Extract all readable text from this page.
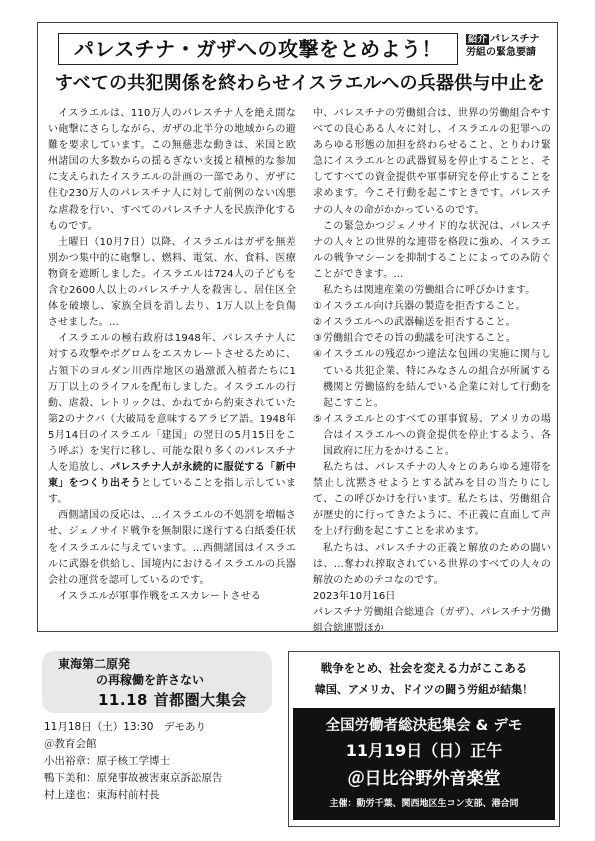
パレスチナ・ガザへの攻撃をとめよう！	紹介 パレスチナ
労組の緊急要請
すべての共犯関係を終わらせイスラエルへの兵器供与中止を

イスラエルは、110万人のパレスチナ人を絶え間ない砲撃にさらしながら、ガザの北半分の地域からの避難を要求しています。この無慈悲な動きは、米国と欧州諸国の大多数からの揺るぎない支援と積極的な参加に支えられたイスラエルの計画の一部であり、ガザに住む230万人のパレスチナ人に対して前例のない凶悪な虐殺を行い、すべてのパレスチナ人を民族浄化するものです。

土曜日（10月7日）以降、イスラエルはガザを無差別かつ集中的に砲撃し、燃料、電気、水、食料、医療物資を遮断しました。イスラエルは724人の子どもを含む2600人以上のパレスチナ人を殺害し、居住区全体を破壊し、家族全員を消し去り、1万人以上を負傷させました。…

イスラエルの極右政府は1948年、パレスチナ人に対する攻撃やポグロムをエスカレートさせるために、占領下のヨルダン川西岸地区の過激派入植者たちに1万丁以上のライフルを配布しました。イスラエルの行動、虐殺、レトリックは、かねてから約束されていた第2のナクバ（大破局を意味するアラビア語。1948年5月14日のイスラエル「建国」の翌日の5月15日をこう呼ぶ）を実行に移し、可能な限り多くのパレスチナ人を追放し、パレスチナ人が永続的に服従する「新中東」をつくり出そうとしていることを指し示しています。

西側諸国の反応は、…イスラエルの不処罰を増幅させ、ジェノサイド戦争を無制限に遂行する白紙委任状をイスラエルに与えています。…西側諸国はイスラエルに武器を供給し、国境内におけるイスラエルの兵器会社の運営を認可しているのです。

イスラエルが軍事作戦をエスカレートさせる

中、パレスチナの労働組合は、世界の労働組合やすべての良心ある人々に対し、イスラエルの犯罪へのあらゆる形態の加担を終わらせること、とりわけ緊急にイスラエルとの武器貿易を停止することと、そしてすべての資金提供や軍事研究を停止することを求めます。今こそ行動を起こすときです。パレスチナの人々の命がかかっているのです。

この緊急かつジェノサイド的な状況は、パレスチナの人々との世界的な連帯を格段に強め、イスラエルの戦争マシーンを抑制することによってのみ防ぐことができます。…

私たちは関連産業の労働組合に呼びかけます。

① イスラエル向け兵器の製造を拒否すること。

② イスラエルへの武器輸送を拒否すること。

③ 労働組合でその旨の動議を可決すること。

④ イスラエルの残忍かつ違法な包囲の実施に関与している共犯企業、特にみなさんの組合が所属する機関と労働協約を結んでいる企業に対して行動を起こすこと。

⑤ イスラエルとのすべての軍事貿易、アメリカの場合はイスラエルへの資金提供を停止するよう、各国政府に圧力をかけること。

私たちは、パレスチナの人々とのあらゆる連帯を禁止し沈黙させようとする試みを目の当たりにして、この呼びかけを行います。私たちは、労働組合が歴史的に行ってきたように、不正義に直面して声を上げ行動を起こすことを求めます。

私たちは、パレスチナの正義と解放のための闘いは、…奪われ搾取されている世界のすべての人々の解放のためのテコなのです。

2023年10月16日

パレスチナ労働組合総連合（ガザ）、パレスチナ労働組合総連盟ほか

東海第二原発
の再稼働を許さない
11.18 首都圏大集会
11月18日（土）13:30　デモあり
＠教育会館
小出裕章：原子核工学博士
鴨下美和：原発事故被害東京訴訟原告
村上達也：東海村前村長
戦争をとめ、社会を変える力がここある
韓国、アメリカ、ドイツの闘う労組が結集！
全国労働者総決起集会 & デモ
11月19日（日）正午
＠日比谷野外音楽堂
主催：動労千葉、関西地区生コン支部、港合同
